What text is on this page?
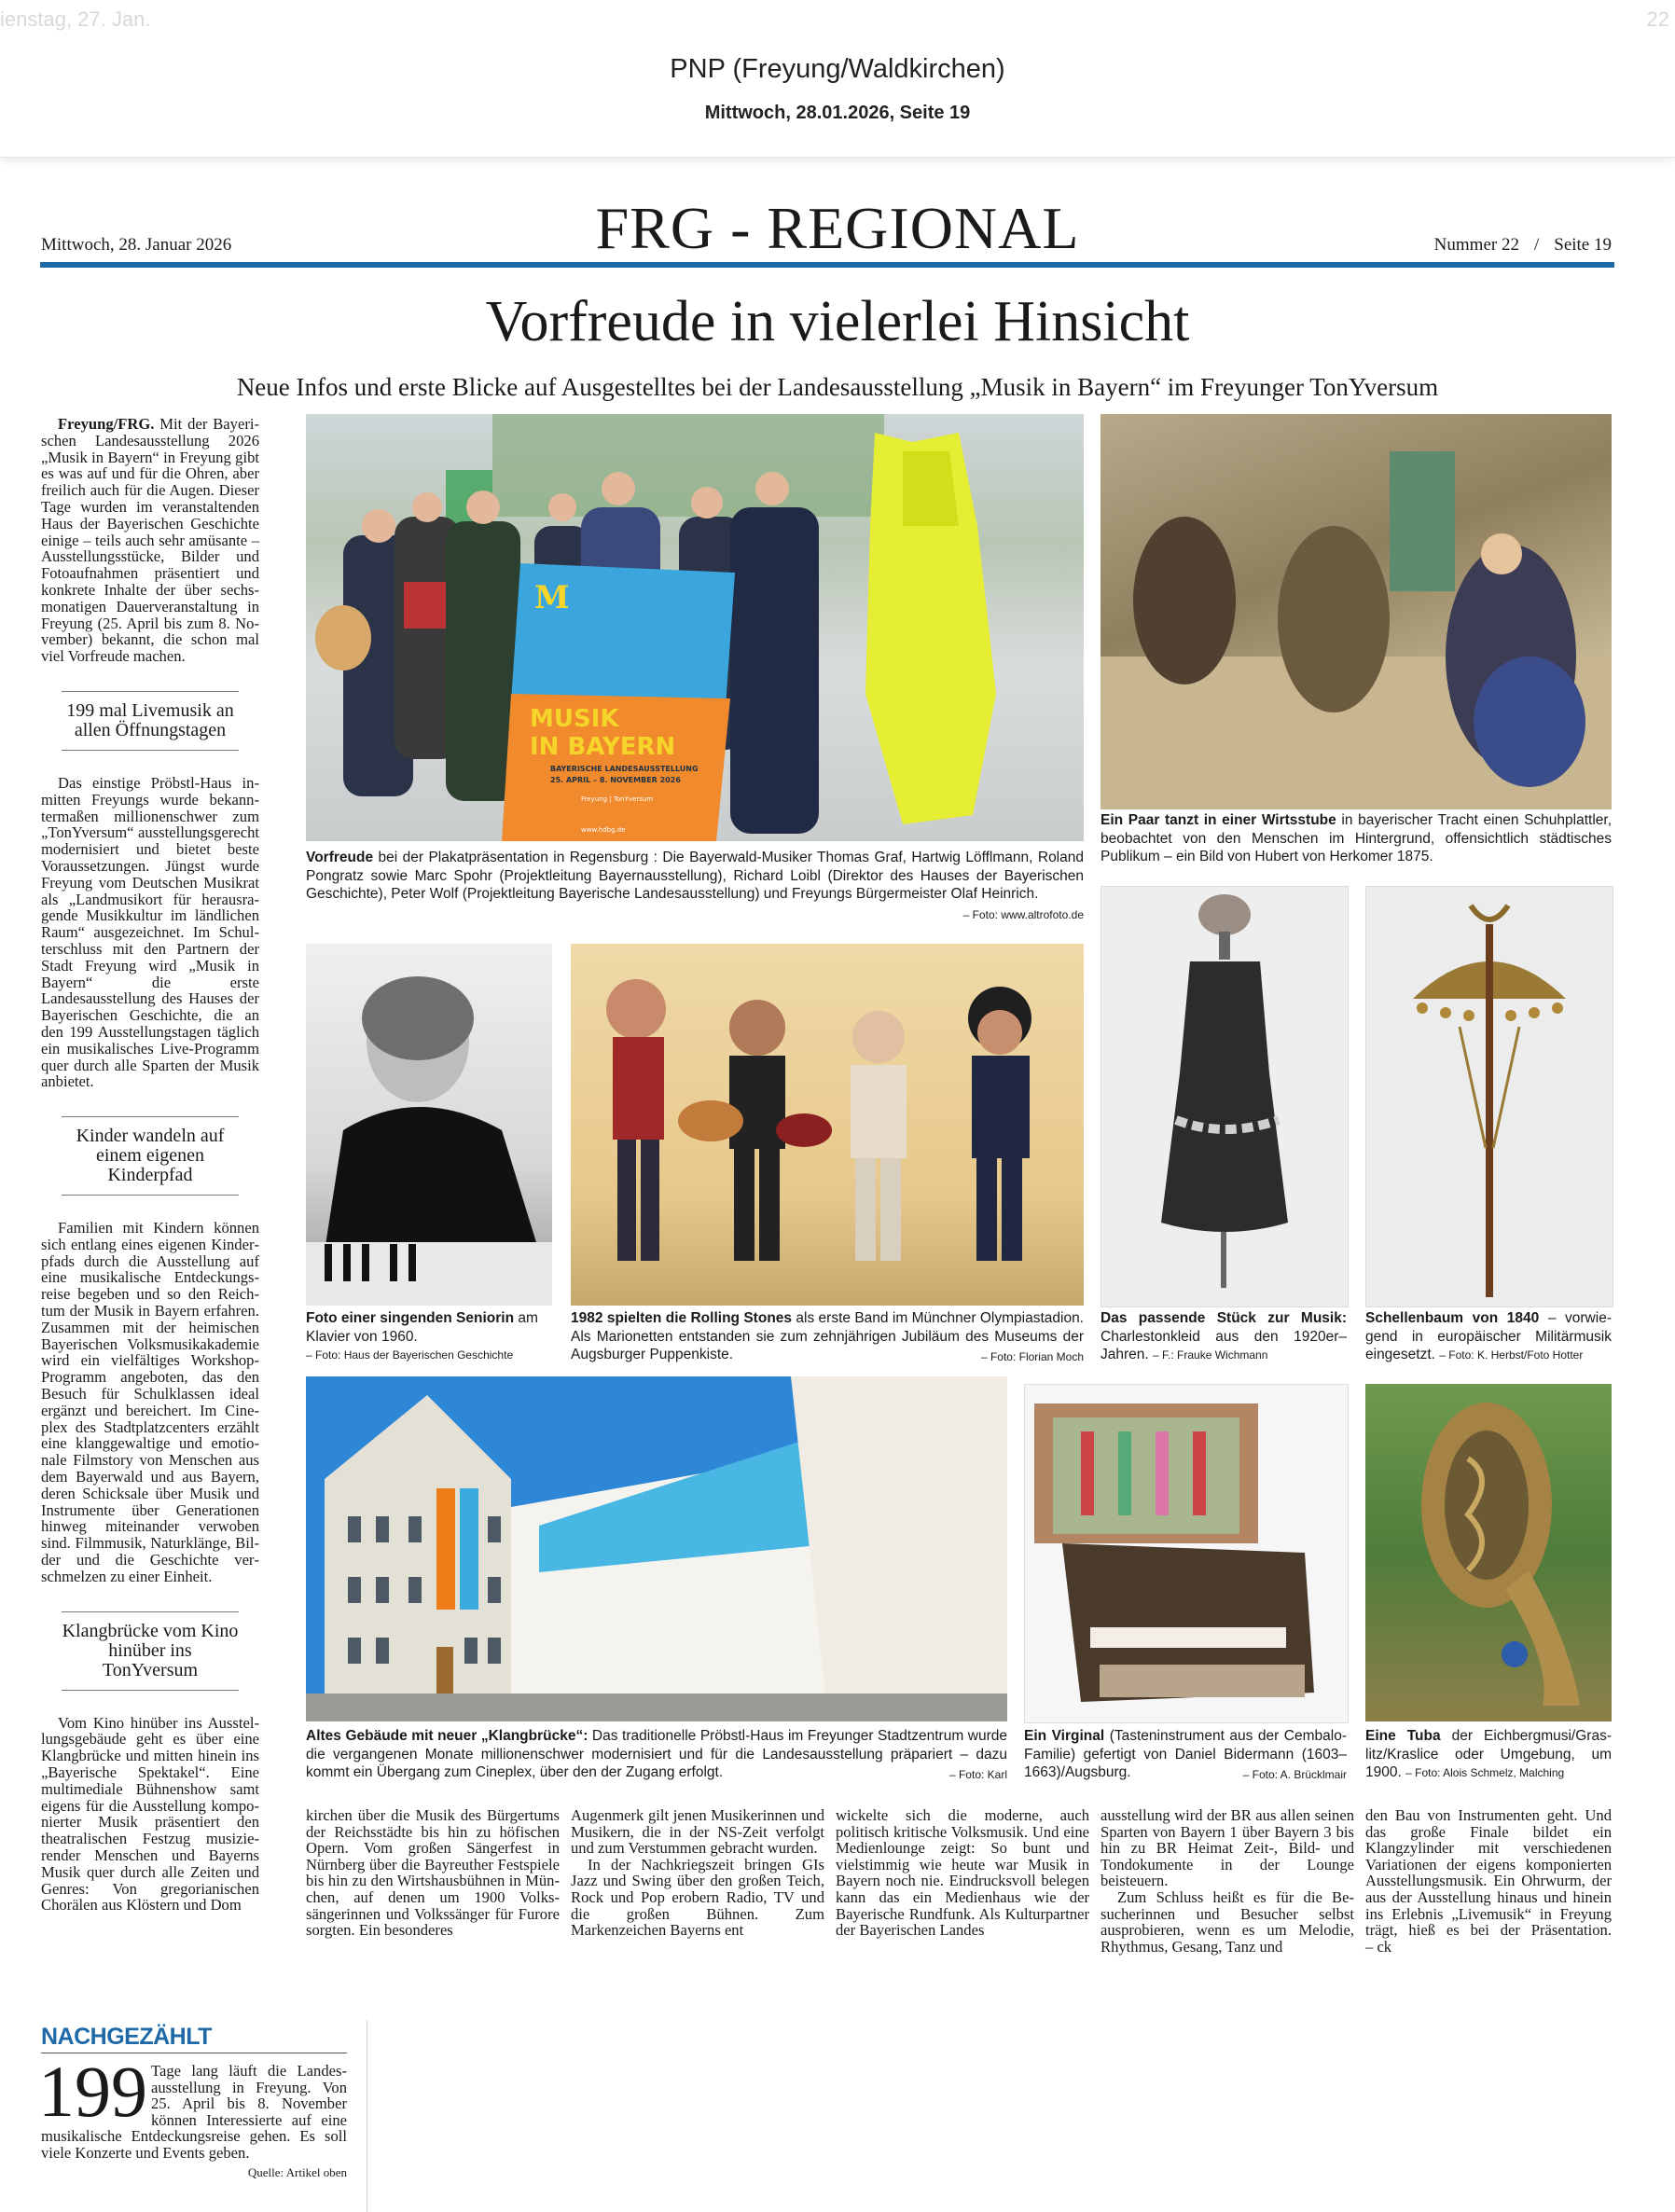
ienstag, 27. Jan.	22
PNP (Freyung/Waldkirchen)
Mittwoch, 28.01.2026, Seite 19
Mittwoch, 28. Januar 2026	FRG - REGIONAL	Nummer 22 / Seite 19
Vorfreude in vielerlei Hinsicht
Neue Infos und erste Blicke auf Ausgestelltes bei der Landesausstellung „Musik in Bayern“ im Freyunger TonYversum

Freyung/FRG. Mit der Bayerischen Landesausstellung 2026 „Musik in Bayern“ in Freyung gibt es was auf und für die Ohren, aber freilich auch für die Augen. Dieser Tage wurden im veranstaltenden Haus der Bayerischen Geschichte einige – teils auch sehr amüsante – Ausstellungsstücke, Bilder und Fotoaufnahmen präsentiert und konkrete Inhalte der über sechsmonatigen Dauerveranstaltung in Freyung (25. April bis zum 8. November) bekannt, die schon mal viel Vorfreude machen.

199 mal Livemusik an allen Öffnungstagen

Das einstige Pröbstl-Haus inmitten Freyungs wurde bekanntermaßen millionenschwer zum „TonYversum“ ausstellungsgerecht modernisiert und bietet beste Voraussetzungen. Jüngst wurde Freyung vom Deutschen Musikrat als „Landmusikort für herausragende Musikkultur im ländlichen Raum“ ausgezeichnet. Im Schulterschluss mit den Partnern der Stadt Freyung wird „Musik in Bayern“ die erste Landesausstellung des Hauses der Bayerischen Geschichte, die an den 199 Ausstellungstagen täglich ein musikalisches Live-Programm quer durch alle Sparten der Musik anbietet.

Kinder wandeln auf einem eigenen Kinderpfad

Familien mit Kindern können sich entlang eines eigenen Kinderpfads durch die Ausstellung auf eine musikalische Entdeckungsreise begeben und so den Reichtum der Musik in Bayern erfahren. Zusammen mit der heimischen Bayerischen Volksmusikakademie wird ein vielfältiges Workshop-Programm angeboten, das den Besuch für Schulklassen ideal ergänzt und bereichert. Im Cineplex des Stadtplatzcenters erzählt eine klanggewaltige und emotionale Filmstory von Menschen aus dem Bayerwald und aus Bayern, deren Schicksale über Musik und Instrumente über Generationen hinweg miteinander verwoben sind. Filmmusik, Naturklänge, Bilder und die Geschichte verschmelzen zu einer Einheit.

Klangbrücke vom Kino hinüber ins TonYversum

Vom Kino hinüber ins Ausstellungsgebäude geht es über eine Klangbrücke und mitten hinein ins „Bayerische Spektakel“. Eine multimediale Bühnenshow samt eigens für die Ausstellung komponierter Musik präsentiert den theatralischen Festzug musizierender Menschen und Bayerns Musik quer durch alle Zeiten und Genres: Von gregorianischen Chorälen aus Klöstern und Dom

M
MUSIK
IN BAYERN
BAYERISCHE LANDESAUSSTELLUNG
25. APRIL – 8. NOVEMBER 2026
Freyung | TonYversum
www.hdbg.de
Vorfreude bei der Plakatpräsentation in Regensburg : Die Bayerwald-Musiker Thomas Graf, Hartwig Löfflmann, Roland Pongratz sowie Marc Spohr (Projektleitung Bayernausstellung), Richard Loibl (Direktor des Hauses der Bayerischen Geschichte), Peter Wolf (Projektleitung Bayerische Landesausstellung) und Freyungs Bürgermeister Olaf Heinrich.
– Foto: www.altrofoto.de
Ein Paar tanzt in einer Wirtsstube in bayerischer Tracht einen Schuhplattler, beobachtet von den Menschen im Hintergrund, offensichtlich städtisches Publikum – ein Bild von Hubert von Herkomer 1875.
Foto einer singenden Seniorin am Klavier von 1960.
– Foto: Haus der Bayerischen Geschichte
1982 spielten die Rolling Stones als erste Band im Münchner Olympiastadion. Als Marionetten entstanden sie zum zehnjährigen Jubiläum des Museums der Augsburger Puppenkiste.	– Foto: Florian Moch
Das passende Stück zur Musik: Charlestonkleid aus den 1920er–Jahren. – F.: Frauke Wichmann
Schellenbaum von 1840 – vorwiegend in europäischer Militärmusik eingesetzt. – Foto: K. Herbst/Foto Hotter
Altes Gebäude mit neuer „Klangbrücke“: Das traditionelle Pröbstl-Haus im Freyunger Stadtzentrum wurde die vergangenen Monate millionenschwer modernisiert und für die Landesausstellung präpariert – dazu kommt ein Übergang zum Cineplex, über den der Zugang erfolgt.	– Foto: Karl
Ein Virginal (Tasteninstrument aus der Cembalo-Familie) gefertigt von Daniel Bidermann (1603–1663)/Augsburg.	– Foto: A. Brücklmair
Eine Tuba der Eichbergmusi/Graslitz/Kraslice oder Umgebung, um 1900. – Foto: Alois Schmelz, Malching

kirchen über die Musik des Bürgertums der Reichsstädte bis hin zu höfischen Opern. Vom großen Sängerfest in Nürnberg über die Bayreuther Festspiele bis hin zu den Wirtshausbühnen in München, auf denen um 1900 Volkssängerinnen und Volkssänger für Furore sorgten. Ein besonderes

Augenmerk gilt jenen Musikerinnen und Musikern, die in der NS-Zeit verfolgt und zum Verstummen gebracht wurden.

In der Nachkriegszeit bringen GIs Jazz und Swing über den großen Teich, Rock und Pop erobern Radio, TV und die großen Bühnen. Zum Markenzeichen Bayerns ent

wickelte sich die moderne, auch politisch kritische Volksmusik. Und eine Medienlounge zeigt: So bunt und vielstimmig wie heute war Musik in Bayern noch nie. Eindrucksvoll belegen kann das ein Medienhaus wie der Bayerische Rundfunk. Als Kulturpartner der Bayerischen Landes

ausstellung wird der BR aus allen seinen Sparten von Bayern 1 über Bayern 3 bis hin zu BR Heimat Zeit-, Bild- und Tondokumente in der Lounge beisteuern.

Zum Schluss heißt es für die Besucherinnen und Besucher selbst ausprobieren, wenn es um Melodie, Rhythmus, Gesang, Tanz und

den Bau von Instrumenten geht. Und das große Finale bildet ein Klangzylinder mit verschiedenen Variationen der eigens komponierten Ausstellungsmusik. Ein Ohrwurm, der aus der Ausstellung hinaus und hinein ins Erlebnis „Livemusik“ in Freyung trägt, hieß es bei der Präsentation.        – ck

NACHGEZÄHLT
199 Tage lang läuft die Landesausstellung in Freyung. Von 25. April bis 8. November können Interessierte auf eine musikalische Entdeckungsreise gehen. Es soll viele Konzerte und Events geben.
Quelle: Artikel oben
